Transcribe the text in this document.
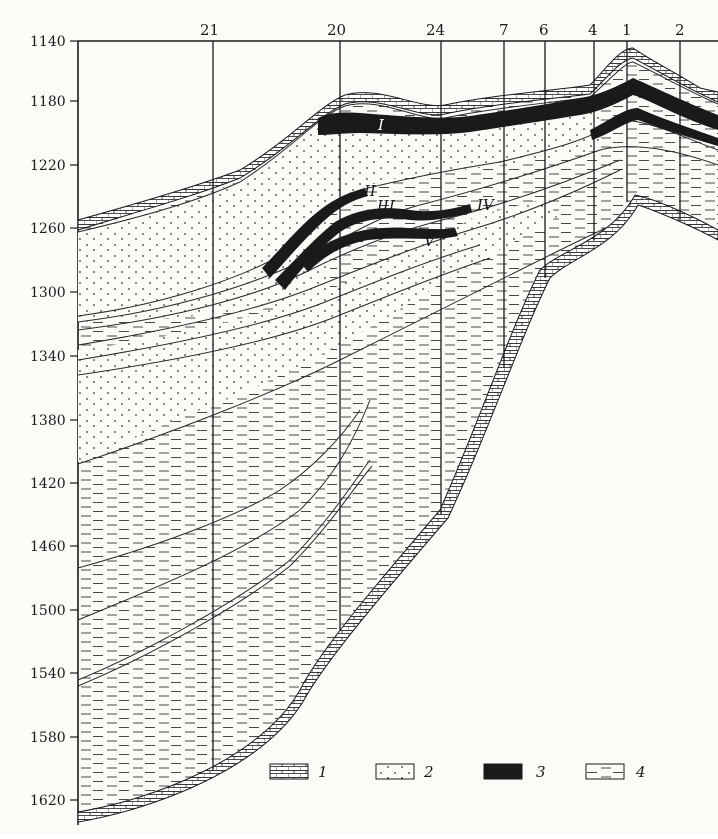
1140
1180
1220
1260
1300
1340
1380
1420
1460
1500
1540
1580
1620
21	20	24	7 6	4 1	2
I
II
III	IV
V
1	2	3	4
